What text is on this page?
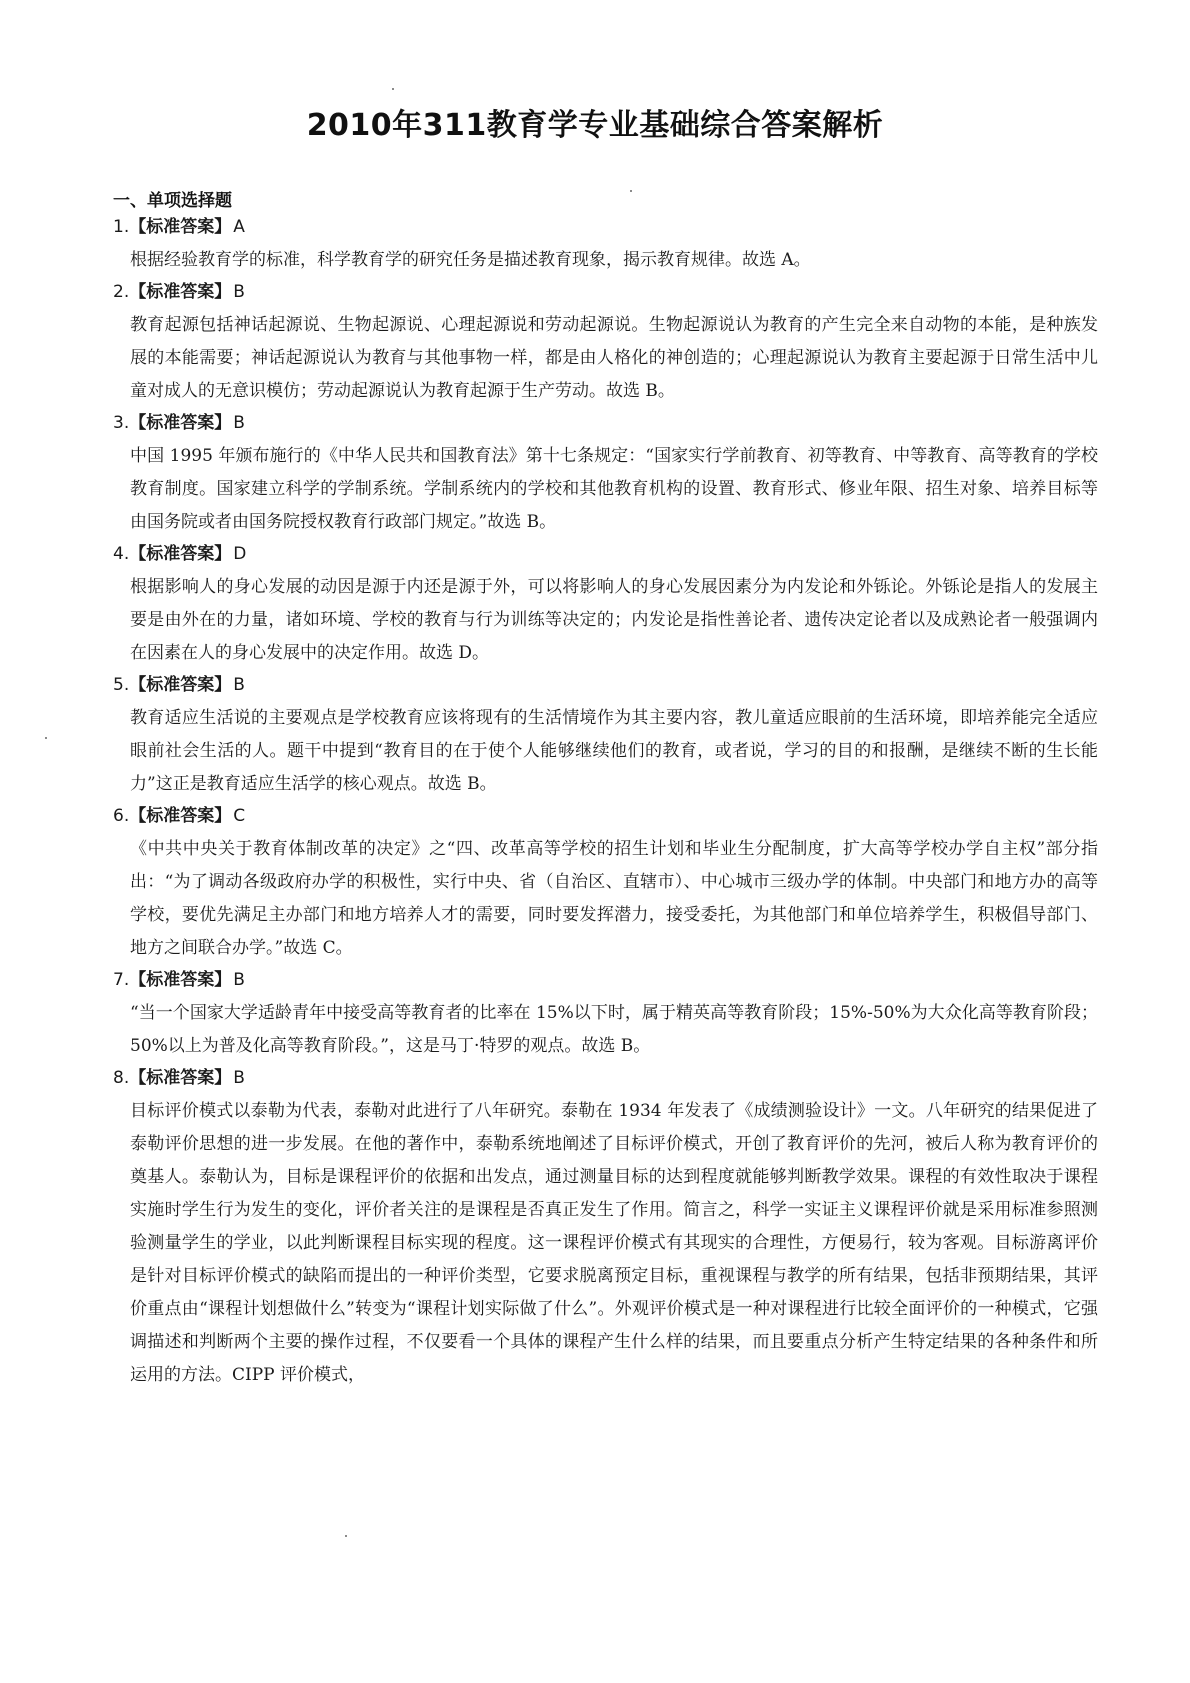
2010年311教育学专业基础综合答案解析
一、单项选择题
1.【标准答案】 A
根据经验教育学的标准，科学教育学的研究任务是描述教育现象，揭示教育规律。故选 A。
2.【标准答案】 B
教育起源包括神话起源说、生物起源说、心理起源说和劳动起源说。生物起源说认为教育的产生完全来自动物的本能，是种族发展的本能需要；神话起源说认为教育与其他事物一样，都是由人格化的神创造的；心理起源说认为教育主要起源于日常生活中儿童对成人的无意识模仿；劳动起源说认为教育起源于生产劳动。故选 B。
3.【标准答案】 B
中国 1995 年颁布施行的《中华人民共和国教育法》第十七条规定：“国家实行学前教育、初等教育、中等教育、高等教育的学校教育制度。国家建立科学的学制系统。学制系统内的学校和其他教育机构的设置、教育形式、修业年限、招生对象、培养目标等由国务院或者由国务院授权教育行政部门规定。”故选 B。
4.【标准答案】 D
根据影响人的身心发展的动因是源于内还是源于外，可以将影响人的身心发展因素分为内发论和外铄论。外铄论是指人的发展主要是由外在的力量，诸如环境、学校的教育与行为训练等决定的；内发论是指性善论者、遗传决定论者以及成熟论者一般强调内在因素在人的身心发展中的决定作用。故选 D。
5.【标准答案】 B
教育适应生活说的主要观点是学校教育应该将现有的生活情境作为其主要内容，教儿童适应眼前的生活环境，即培养能完全适应眼前社会生活的人。题干中提到“教育目的在于使个人能够继续他们的教育，或者说，学习的目的和报酬，是继续不断的生长能力”这正是教育适应生活学的核心观点。故选 B。
6.【标准答案】 C
《中共中央关于教育体制改革的决定》之“四、改革高等学校的招生计划和毕业生分配制度，扩大高等学校办学自主权”部分指出：“为了调动各级政府办学的积极性，实行中央、省（自治区、直辖市）、中心城市三级办学的体制。中央部门和地方办的高等学校，要优先满足主办部门和地方培养人才的需要，同时要发挥潜力，接受委托，为其他部门和单位培养学生，积极倡导部门、地方之间联合办学。”故选 C。
7.【标准答案】 B
“当一个国家大学适龄青年中接受高等教育者的比率在 15%以下时，属于精英高等教育阶段；15%-50%为大众化高等教育阶段；50%以上为普及化高等教育阶段。”，这是马丁·特罗的观点。故选 B。
8.【标准答案】 B
目标评价模式以泰勒为代表，泰勒对此进行了八年研究。泰勒在 1934 年发表了《成绩测验设计》一文。八年研究的结果促进了泰勒评价思想的进一步发展。在他的著作中，泰勒系统地阐述了目标评价模式，开创了教育评价的先河，被后人称为教育评价的奠基人。泰勒认为，目标是课程评价的依据和出发点，通过测量目标的达到程度就能够判断教学效果。课程的有效性取决于课程实施时学生行为发生的变化，评价者关注的是课程是否真正发生了作用。简言之，科学一实证主义课程评价就是采用标准参照测验测量学生的学业，以此判断课程目标实现的程度。这一课程评价模式有其现实的合理性，方便易行，较为客观。目标游离评价是针对目标评价模式的缺陷而提出的一种评价类型，它要求脱离预定目标，重视课程与教学的所有结果，包括非预期结果，其评价重点由“课程计划想做什么”转变为“课程计划实际做了什么”。外观评价模式是一种对课程进行比较全面评价的一种模式，它强调描述和判断两个主要的操作过程，不仅要看一个具体的课程产生什么样的结果，而且要重点分析产生特定结果的各种条件和所运用的方法。CIPP 评价模式，
